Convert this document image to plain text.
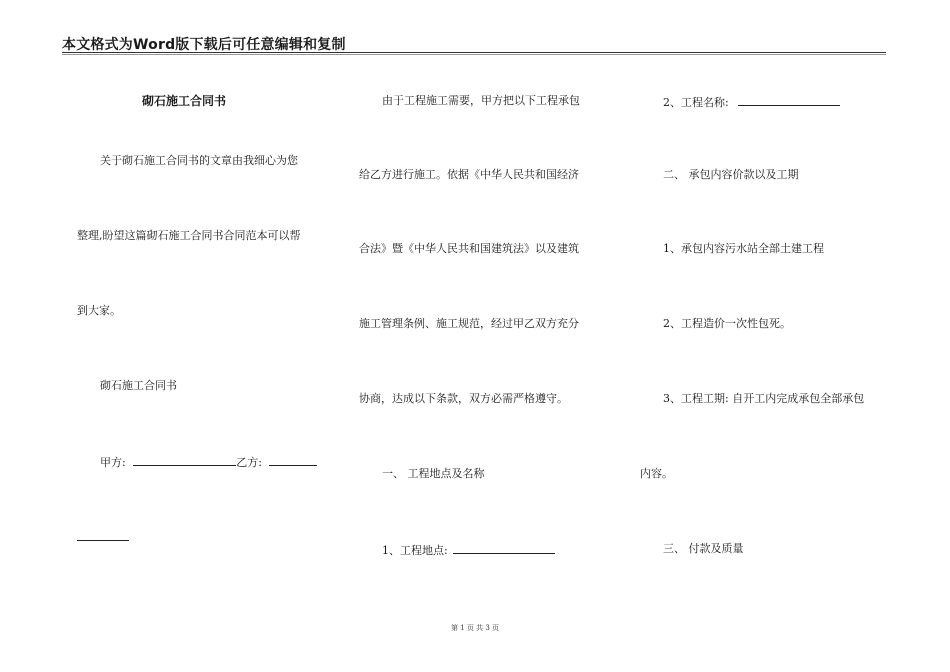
本文格式为Word版下载后可任意编辑和复制
砌石施工合同书
关于砌石施工合同书的文章由我细心为您
整理,盼望这篇砌石施工合同书合同范本可以帮
到大家。
砌石施工合同书
甲方:	乙方:
由于工程施工需要，甲方把以下工程承包
给乙方进行施工。依据《中华人民共和国经济
合法》暨《中华人民共和国建筑法》以及建筑
施工管理条例、施工规范，经过甲乙双方充分
协商，达成以下条款，双方必需严格遵守。
一、 工程地点及名称
1、工程地点:
2、工程名称:
二、 承包内容价款以及工期
1、承包内容污水站全部土建工程
2、工程造价一次性包死。
3、工程工期: 自开工内完成承包全部承包
内容。
三、 付款及质量
第 1 页 共 3 页
